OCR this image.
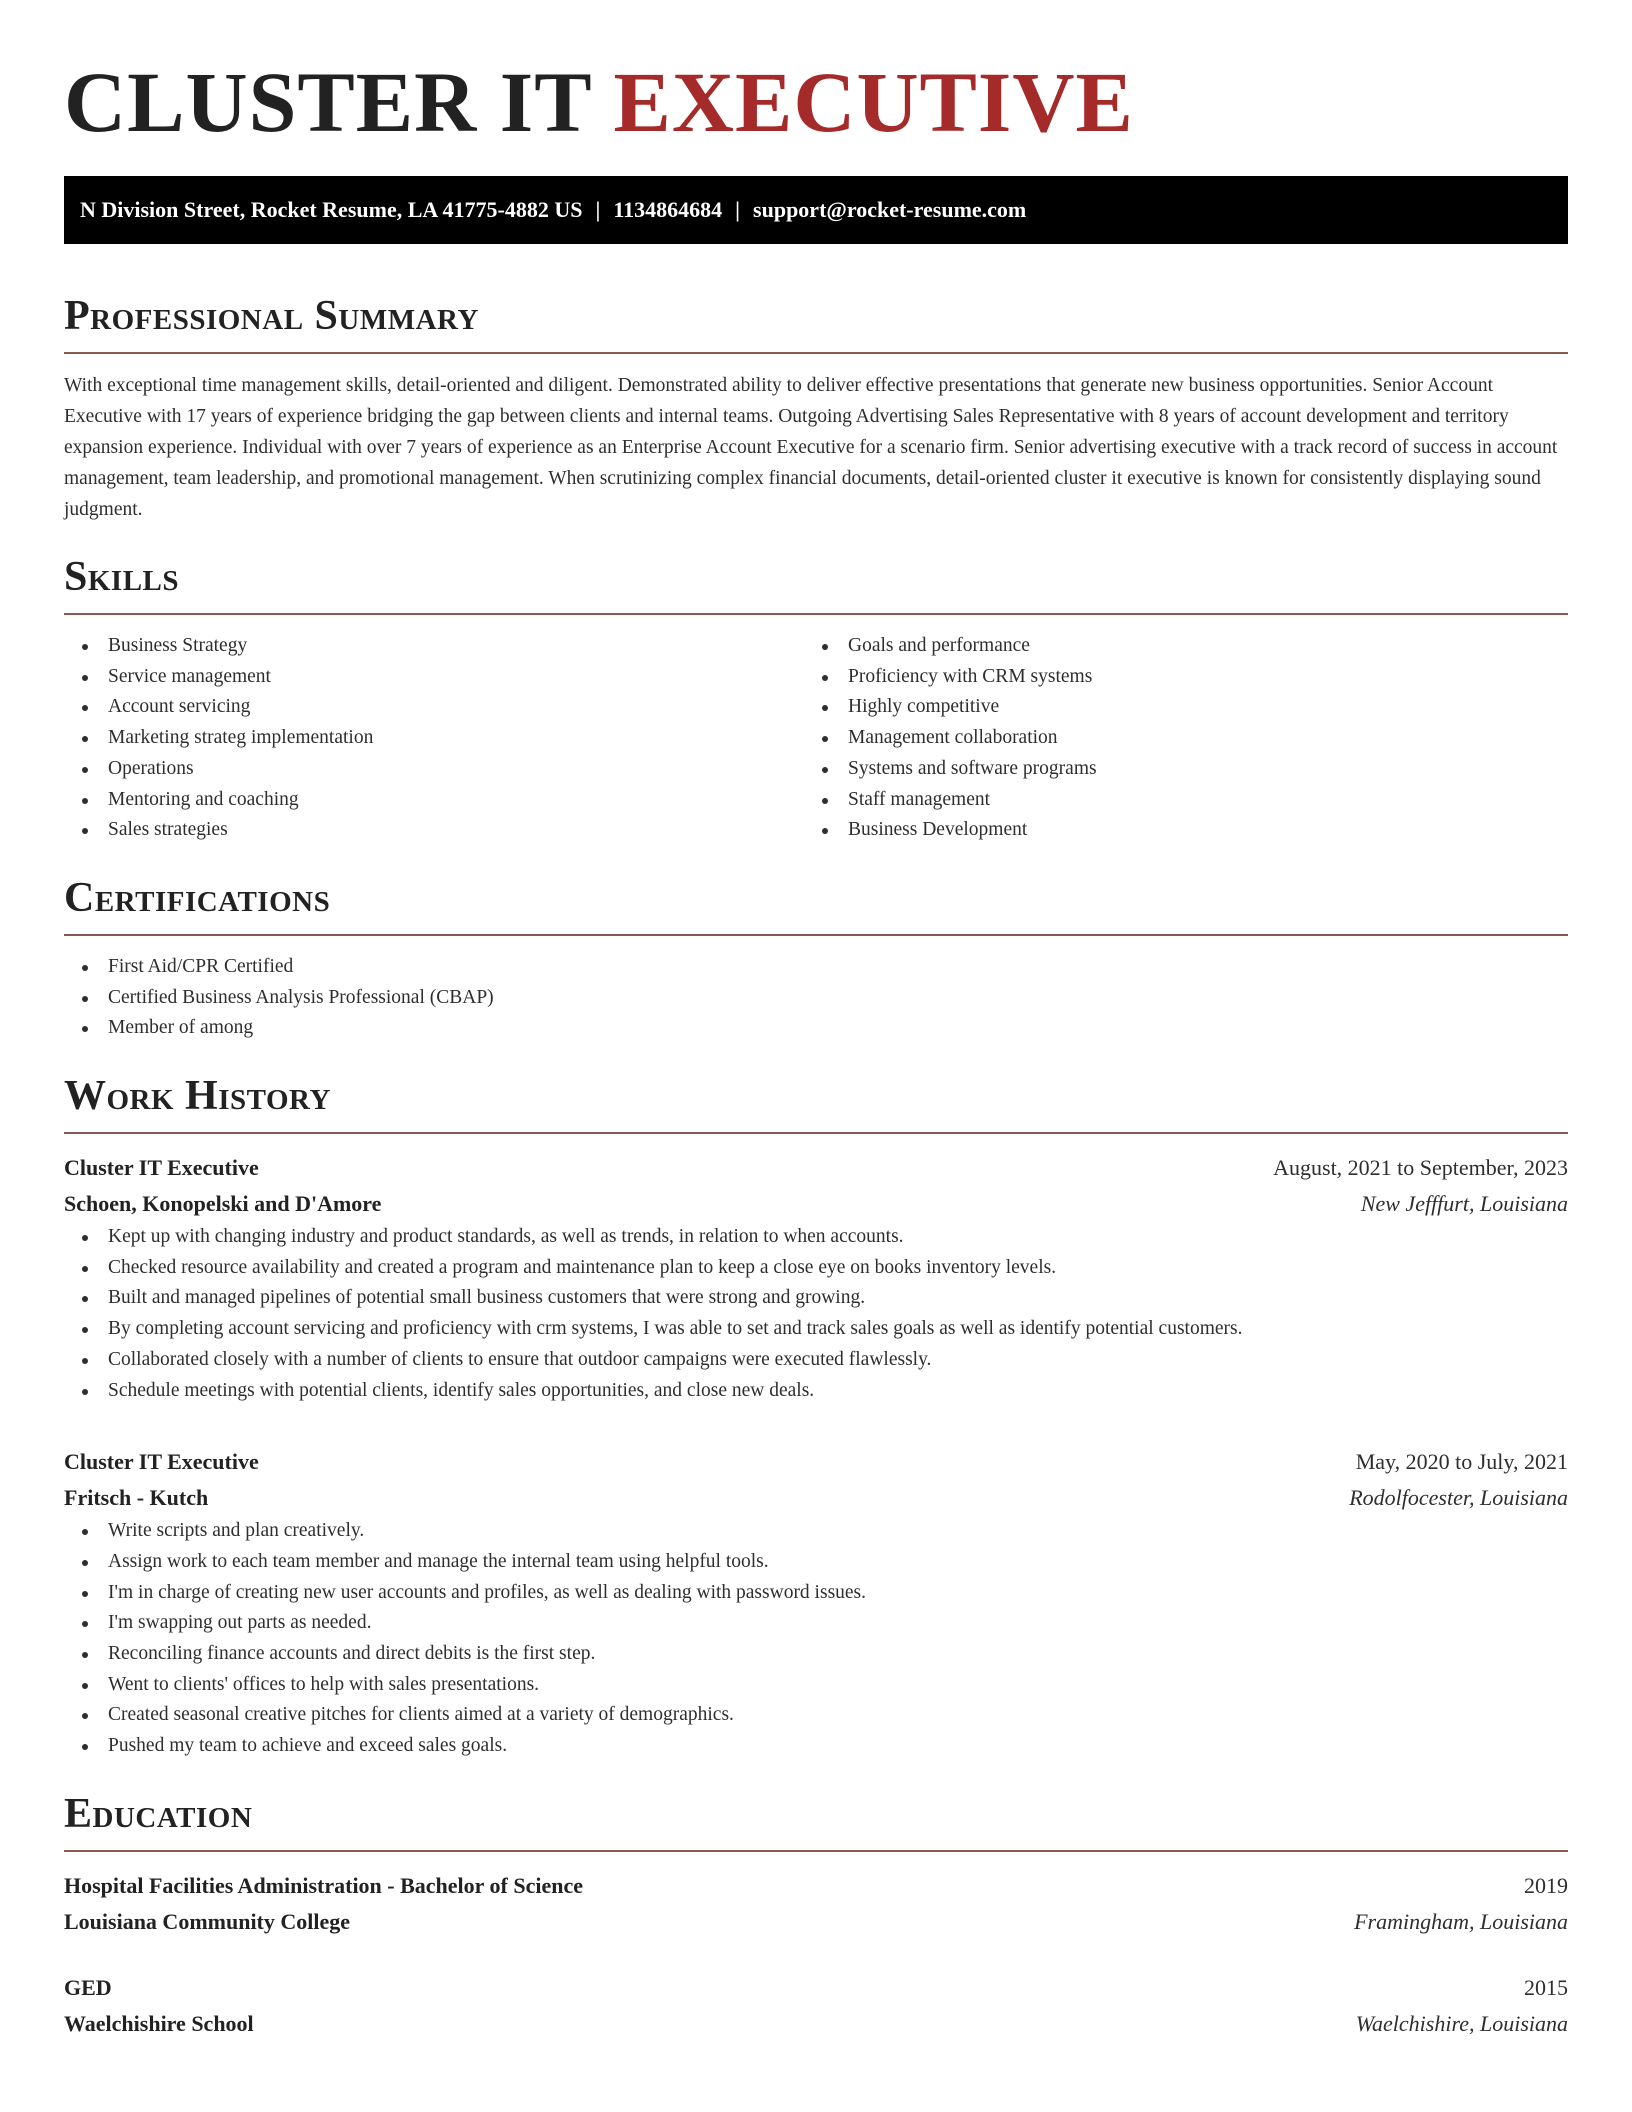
CLUSTER IT EXECUTIVE
N Division Street, Rocket Resume, LA 41775-4882 US | 1134864684 | support@rocket-resume.com
Professional Summary

With exceptional time management skills, detail-oriented and diligent. Demonstrated ability to deliver effective presentations that generate new business opportunities. Senior Account Executive with 17 years of experience bridging the gap between clients and internal teams. Outgoing Advertising Sales Representative with 8 years of account development and territory expansion experience. Individual with over 7 years of experience as an Enterprise Account Executive for a scenario firm. Senior advertising executive with a track record of success in account management, team leadership, and promotional management. When scrutinizing complex financial documents, detail-oriented cluster it executive is known for consistently displaying sound judgment.

Skills
Business Strategy
Service management
Account servicing
Marketing strateg implementation
Operations
Mentoring and coaching
Sales strategies
Goals and performance
Proficiency with CRM systems
Highly competitive
Management collaboration
Systems and software programs
Staff management
Business Development
Certifications
First Aid/CPR Certified
Certified Business Analysis Professional (CBAP)
Member of among
Work History
Cluster IT Executive	August, 2021 to September, 2023
Schoen, Konopelski and D'Amore	New Jefffurt, Louisiana
Kept up with changing industry and product standards, as well as trends, in relation to when accounts.
Checked resource availability and created a program and maintenance plan to keep a close eye on books inventory levels.
Built and managed pipelines of potential small business customers that were strong and growing.
By completing account servicing and proficiency with crm systems, I was able to set and track sales goals as well as identify potential customers.
Collaborated closely with a number of clients to ensure that outdoor campaigns were executed flawlessly.
Schedule meetings with potential clients, identify sales opportunities, and close new deals.
Cluster IT Executive	May, 2020 to July, 2021
Fritsch - Kutch	Rodolfocester, Louisiana
Write scripts and plan creatively.
Assign work to each team member and manage the internal team using helpful tools.
I'm in charge of creating new user accounts and profiles, as well as dealing with password issues.
I'm swapping out parts as needed.
Reconciling finance accounts and direct debits is the first step.
Went to clients' offices to help with sales presentations.
Created seasonal creative pitches for clients aimed at a variety of demographics.
Pushed my team to achieve and exceed sales goals.
Education
Hospital Facilities Administration - Bachelor of Science	2019
Louisiana Community College	Framingham, Louisiana
GED	2015
Waelchishire School	Waelchishire, Louisiana
